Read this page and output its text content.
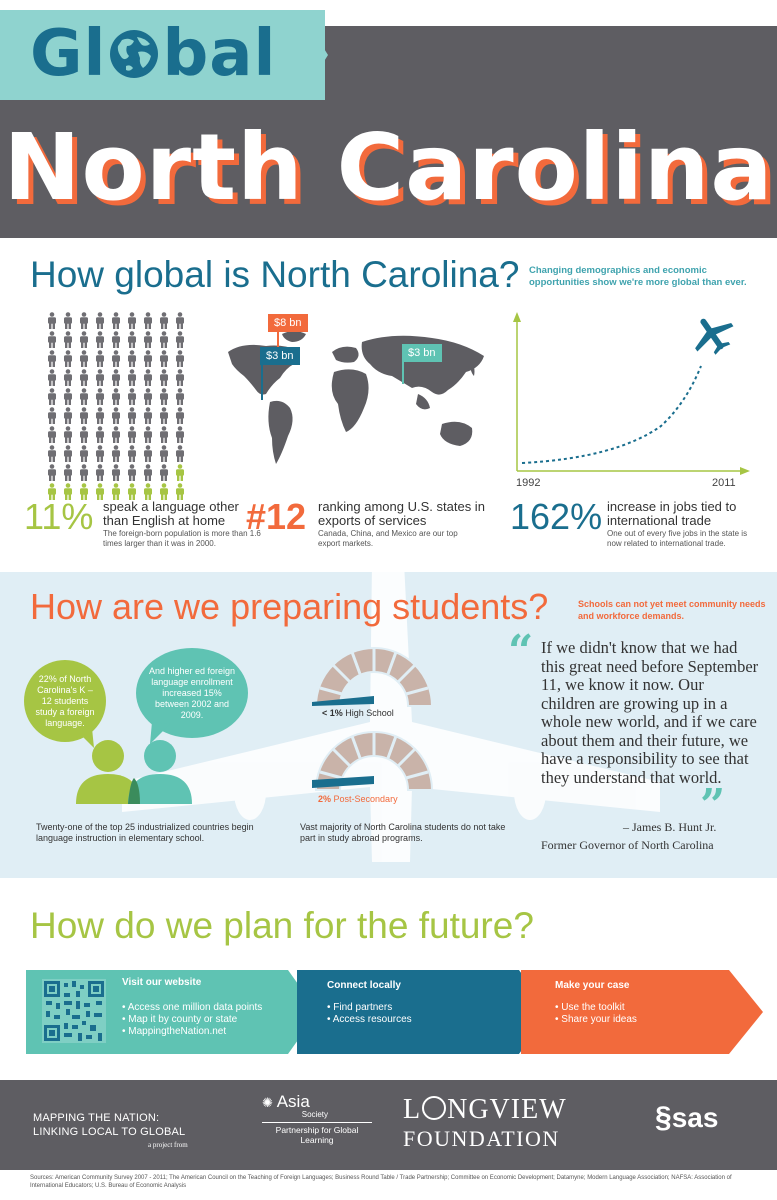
Gl bal
North Carolina
How global is North Carolina? Changing demographics and economic opportunities show we're more global than ever.
$8 bn
$3 bn	$3 bn
1992	2011
11% speak a language other than English at home
The foreign-born population is more than 1.6 times larger than it was in 2000.
#12 ranking among U.S. states in exports of services
Canada, China, and Mexico are our top export markets.
162% increase in jobs tied to international trade
One out of every five jobs in the state is now related to international trade.
How are we preparing students?	Schools can not yet meet community needs and workforce demands.
22% of North Carolina's K – 12 students study a foreign language.
And higher ed foreign language enrollment increased 15% between 2002 and 2009.
Twenty-one of the top 25 industrialized countries begin language instruction in elementary school.
< 1% High School
2% Post-Secondary
Vast majority of North Carolina students do not take part in study abroad programs.
“ If we didn't know that we had this great need before September 11, we know it now. Our children are growing up in a whole new world, and if we care about them and their future, we have a responsibility to see that they understand that world.
”
– James B. Hunt Jr.
Former Governor of North Carolina
How do we plan for the future?
Visit our website
• Access one million data points
• Map it by county or state
• MappingtheNation.net
Connect locally
• Find partners
• Access resources
Make your case
• Use the toolkit
• Share your ideas
MAPPING THE NATION:
LINKING LOCAL TO GLOBAL
a project from
✺ Asia
Society
Partnership for Global Learning
L NGVIEW
FOUNDATION
§sas
Sources: American Community Survey 2007 - 2011; The American Council on the Teaching of Foreign Languages; Business Round Table / Trade Partnership; Committee on Economic Development; Datamyne; Modern Language Association; NAFSA: Association of International Educators; U.S. Bureau of Economic Analysis
